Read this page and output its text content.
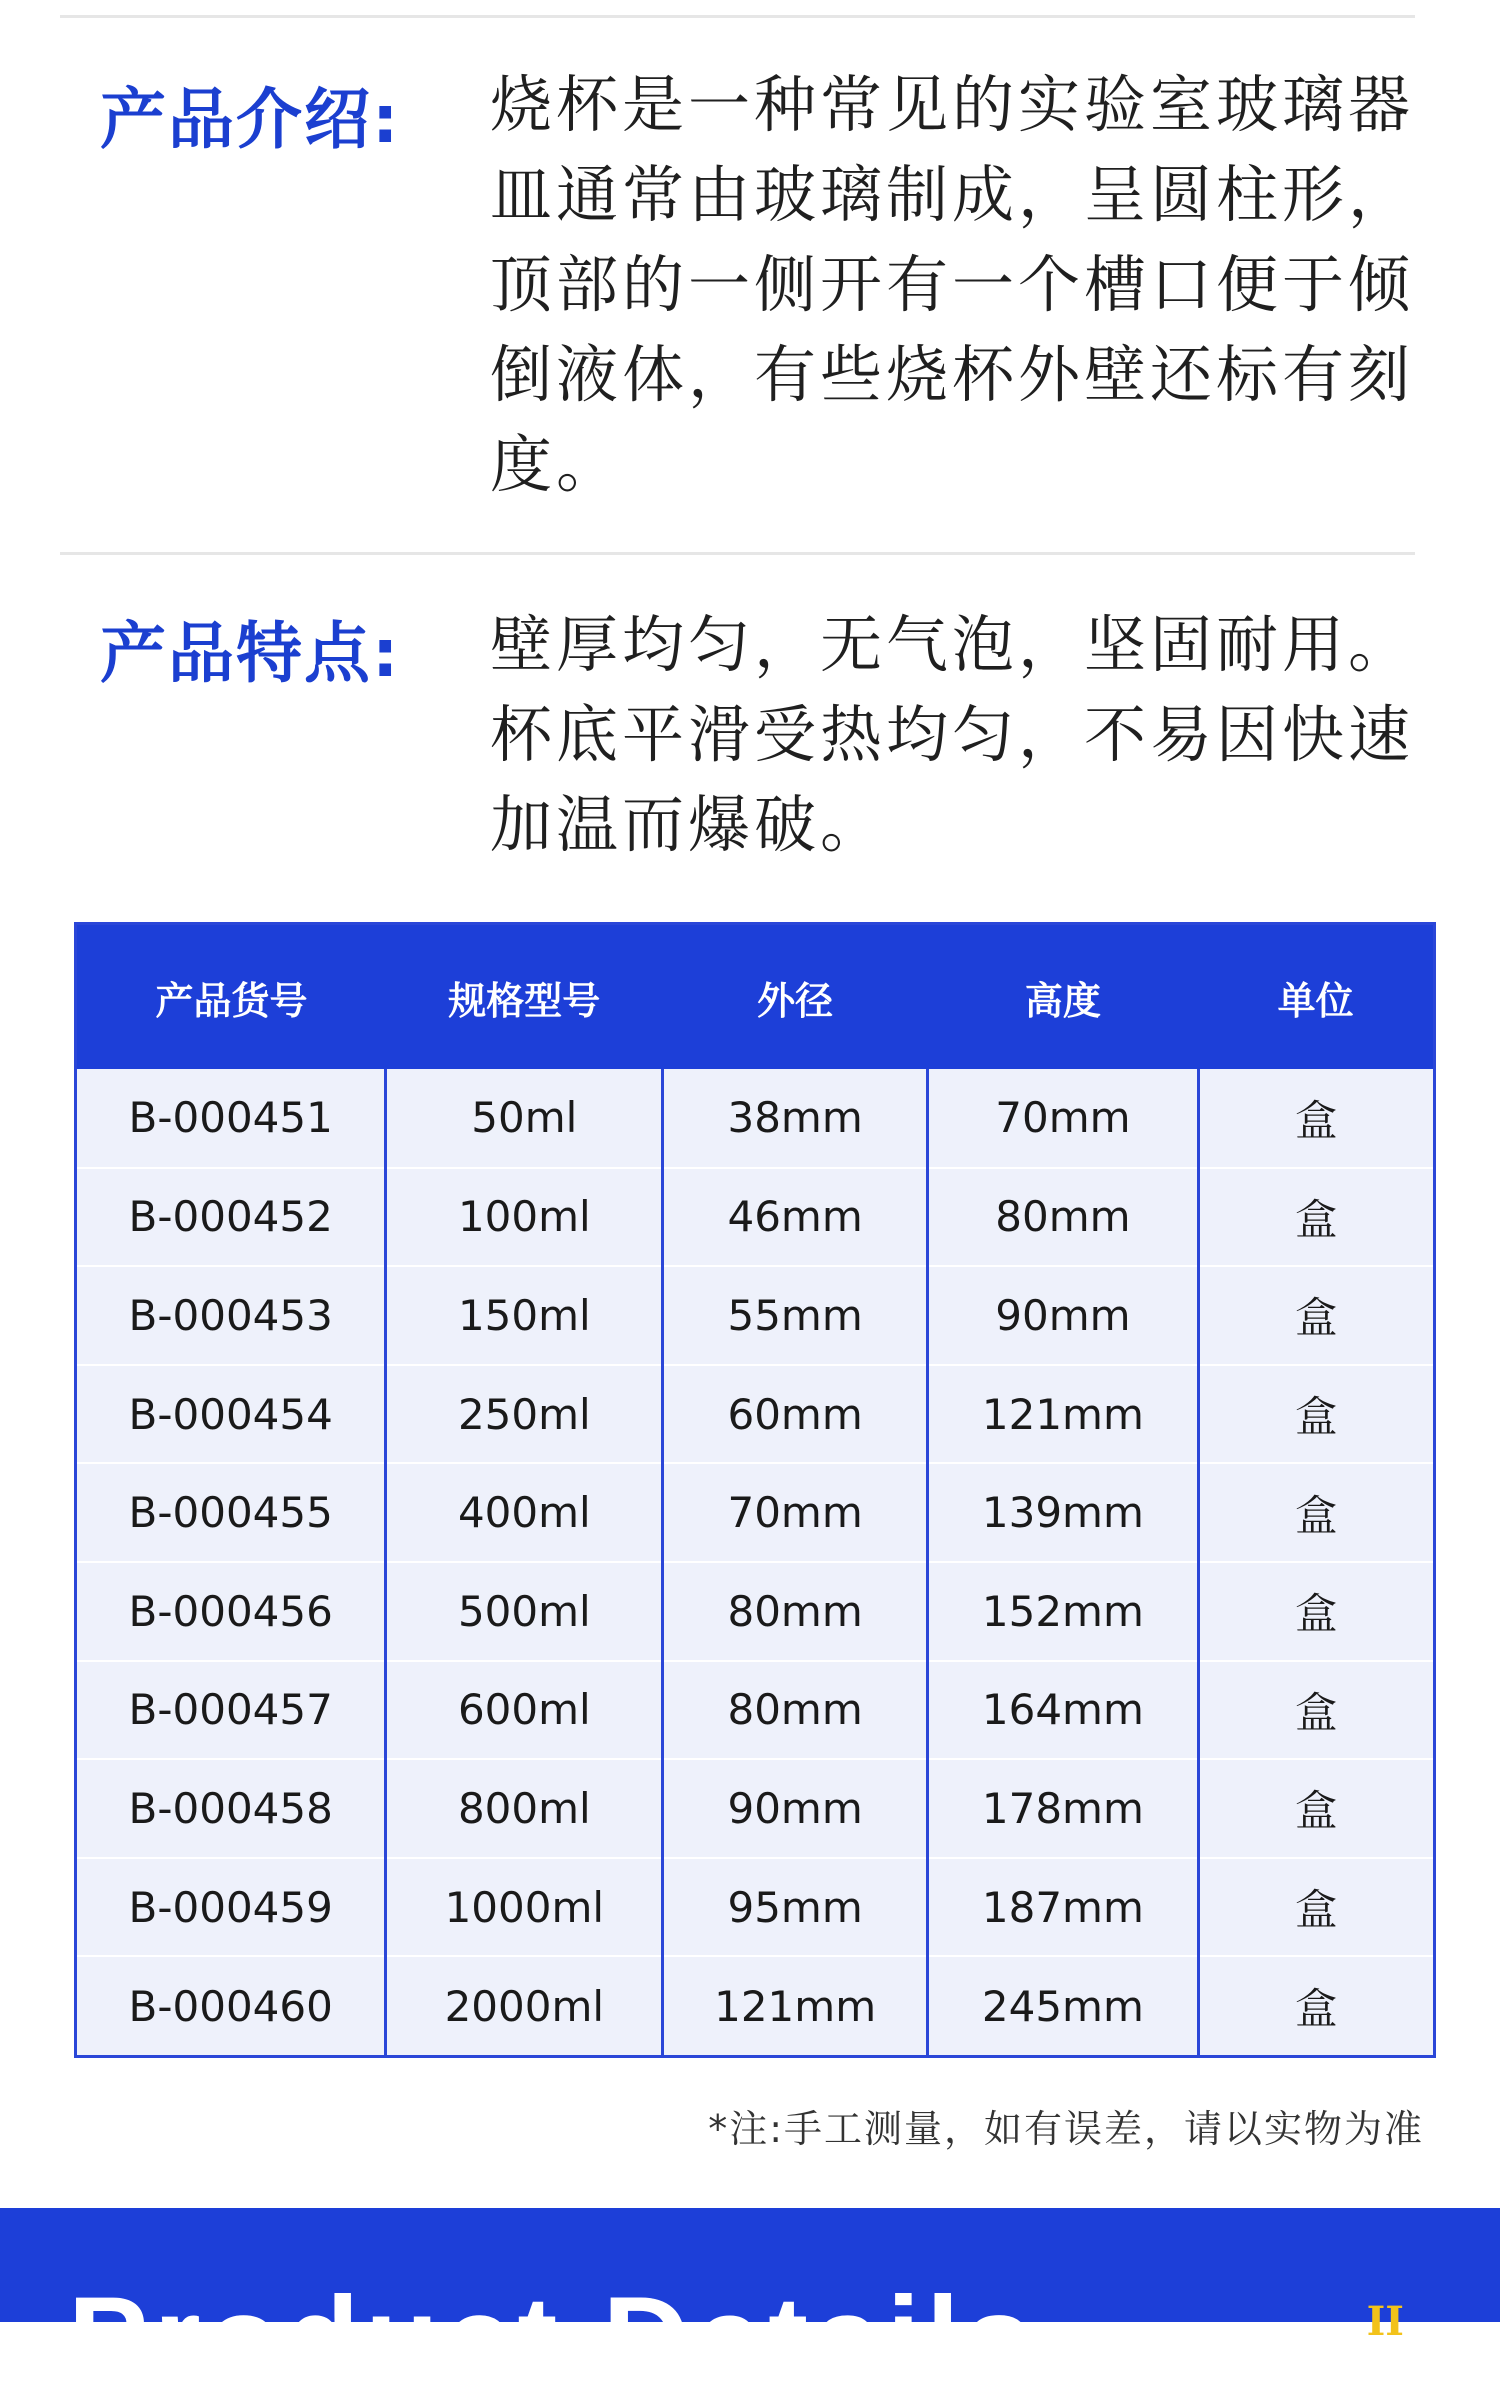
产品介绍: 烧杯是一种常见的实验室玻璃器皿通常由玻璃制成，呈圆柱形，顶部的一侧开有一个槽口便于倾倒液体，有些烧杯外壁还标有刻度。
产品特点: 壁厚均匀，无气泡，坚固耐用。杯底平滑受热均匀，不易因快速加温而爆破。
产品货号	规格型号	外径	高度	单位
B-000451	50ml	38mm	70mm	盒
B-000452	100ml	46mm	80mm	盒
B-000453	150ml	55mm	90mm	盒
B-000454	250ml	60mm	121mm	盒
B-000455	400ml	70mm	139mm	盒
B-000456	500ml	80mm	152mm	盒
B-000457	600ml	80mm	164mm	盒
B-000458	800ml	90mm	178mm	盒
B-000459	1000ml	95mm	187mm	盒
B-000460	2000ml	121mm	245mm	盒
*注:手工测量，如有误差，请以实物为准
Product Details	II
